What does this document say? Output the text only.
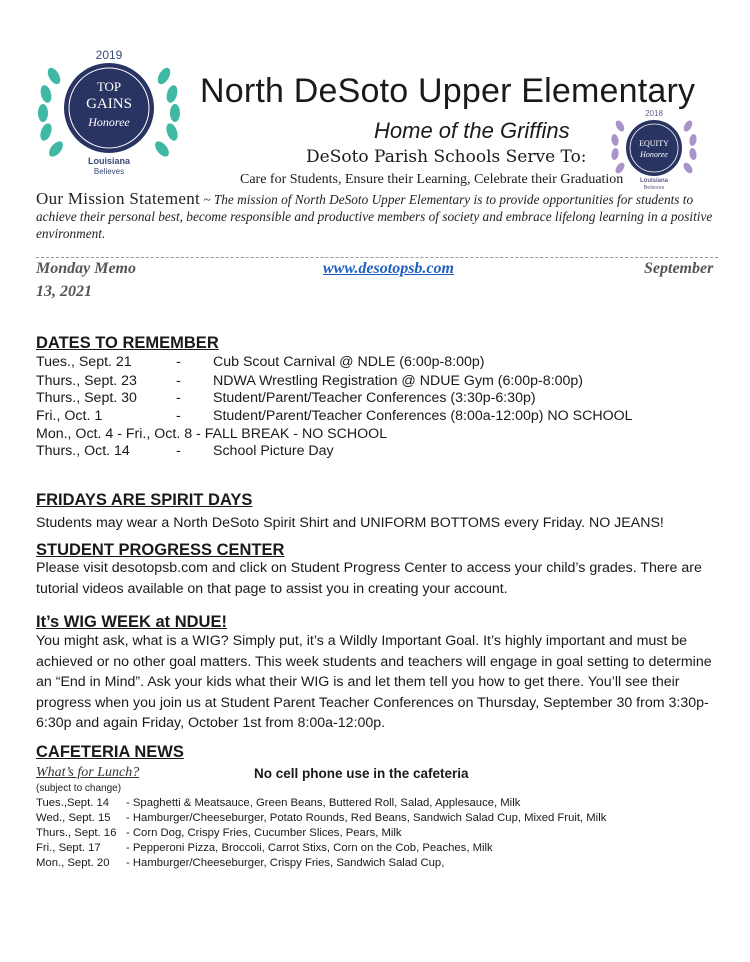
2019
TOP
GAINS
Honoree
Louisiana
Believes
2018
EQUITY
Honoree
Louisiana
Believes
North DeSoto Upper Elementary
Home of the Griffins
DeSoto Parish Schools Serve To:
Care for Students, Ensure their Learning, Celebrate their Graduation
Our Mission Statement ~ The mission of North DeSoto Upper Elementary is to provide opportunities for students to achieve their personal best, become responsible and productive members of society and embrace lifelong learning in a positive environment.
Monday Memo	www.desotopsb.com	September
13, 2021
DATES TO REMEMBER
Tues., Sept. 21	- Cub Scout Carnival @ NDLE (6:00p-8:00p)
Thurs., Sept. 23	- NDWA Wrestling Registration @ NDUE Gym (6:00p-8:00p)
Thurs., Sept. 30	- Student/Parent/Teacher Conferences (3:30p-6:30p)
Fri., Oct. 1	- Student/Parent/Teacher Conferences (8:00a-12:00p) NO SCHOOL
Mon., Oct. 4 - Fri., Oct. 8 - FALL BREAK - NO SCHOOL
Thurs., Oct. 14	- School Picture Day
FRIDAYS ARE SPIRIT DAYS
Students may wear a North DeSoto Spirit Shirt and UNIFORM BOTTOMS every Friday. NO JEANS!
STUDENT PROGRESS CENTER
Please visit desotopsb.com and click on Student Progress Center to access your child’s grades. There are tutorial videos available on that page to assist you in creating your account.
It’s WIG WEEK at NDUE!
You might ask, what is a WIG? Simply put, it’s a Wildly Important Goal. It’s highly important and must be achieved or no other goal matters. This week students and teachers will engage in goal setting to determine an “End in Mind”. Ask your kids what their WIG is and let them tell you how to get there. You’ll see their progress when you join us at Student Parent Teacher Conferences on Thursday, September 30 from 3:30p-6:30p and again Friday, October 1st from 8:00a-12:00p.
CAFETERIA NEWS
What’s for Lunch?	No cell phone use in the cafeteria
(subject to change)
Tues.,Sept. 14 - Spaghetti & Meatsauce, Green Beans, Buttered Roll, Salad, Applesauce, Milk
Wed., Sept. 15 - Hamburger/Cheeseburger, Potato Rounds, Red Beans, Sandwich Salad Cup, Mixed Fruit, Milk
Thurs., Sept. 16 - Corn Dog, Crispy Fries, Cucumber Slices, Pears, Milk
Fri., Sept. 17 - Pepperoni Pizza, Broccoli, Carrot Stixs, Corn on the Cob, Peaches, Milk
Mon., Sept. 20 - Hamburger/Cheeseburger, Crispy Fries, Sandwich Salad Cup,
